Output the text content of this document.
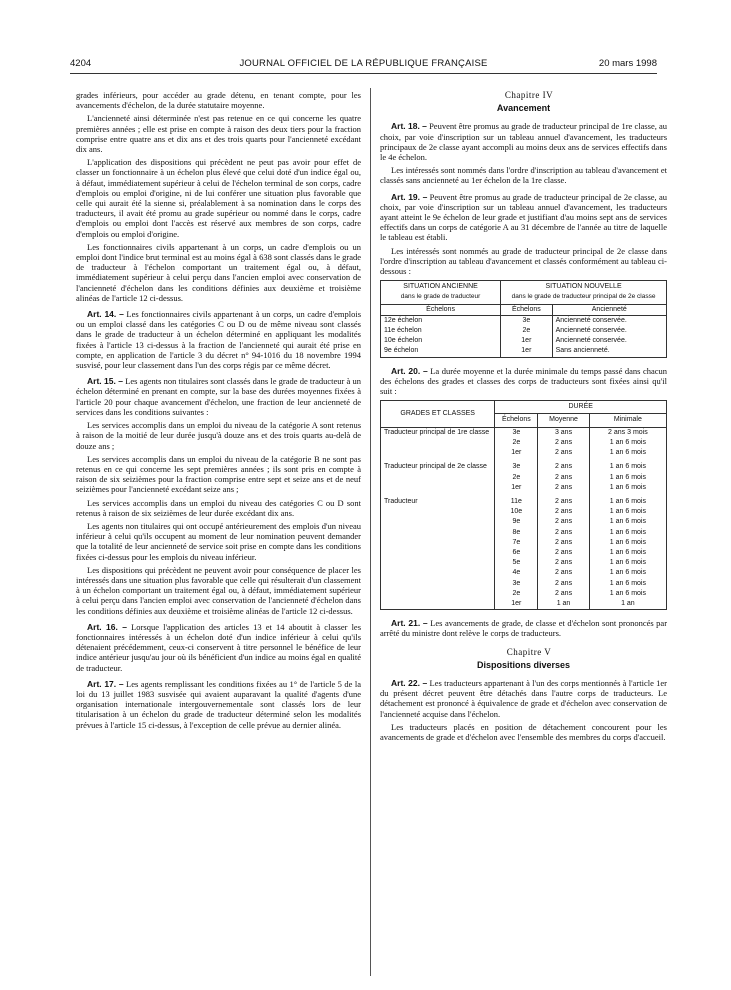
4204	JOURNAL OFFICIEL DE LA RÉPUBLIQUE FRANÇAISE	20 mars 1998

grades inférieurs, pour accéder au grade détenu, en tenant compte, pour les avancements d'échelon, de la durée statutaire moyenne.

L'ancienneté ainsi déterminée n'est pas retenue en ce qui concerne les quatre premières années ; elle est prise en compte à raison des deux tiers pour la fraction comprise entre quatre ans et dix ans et des trois quarts pour l'ancienneté excédant dix ans.

L'application des dispositions qui précèdent ne peut pas avoir pour effet de classer un fonctionnaire à un échelon plus élevé que celui doté d'un indice égal ou, à défaut, immédiatement supérieur à celui de l'échelon terminal de son corps, cadre d'emplois ou emploi d'origine, ni de lui conférer une situation plus favorable que celle qui aurait été la sienne si, préalablement à sa nomination dans le corps des traducteurs, il avait été promu au grade supérieur ou nommé dans le corps, cadre d'emplois ou emploi dont l'accès est réservé aux membres de son corps, cadre d'emplois ou emploi d'origine.

Les fonctionnaires civils appartenant à un corps, un cadre d'emplois ou un emploi dont l'indice brut terminal est au moins égal à 638 sont classés dans le grade de traducteur à l'échelon comportant un traitement égal ou, à défaut, immédiatement supérieur à celui perçu dans l'ancien emploi avec conservation de l'ancienneté d'échelon dans les conditions définies aux deuxième et troisième alinéas de l'article 12 ci-dessus.

Art. 14. – Les fonctionnaires civils appartenant à un corps, un cadre d'emplois ou un emploi classé dans les catégories C ou D ou de même niveau sont classés dans le grade de traducteur à un échelon déterminé en appliquant les modalités fixées à l'article 13 ci-dessus à la fraction de l'ancienneté qui aurait été prise en compte, en application de l'article 3 du décret n° 94-1016 du 18 novembre 1994 susvisé, pour leur classement dans l'un des corps régis par ce même décret.

Art. 15. – Les agents non titulaires sont classés dans le grade de traducteur à un échelon déterminé en prenant en compte, sur la base des durées moyennes fixées à l'article 20 pour chaque avancement d'échelon, une fraction de leur ancienneté de services dans les conditions suivantes :

Les services accomplis dans un emploi du niveau de la catégorie A sont retenus à raison de la moitié de leur durée jusqu'à douze ans et des trois quarts au-delà de douze ans ;

Les services accomplis dans un emploi du niveau de la catégorie B ne sont pas retenus en ce qui concerne les sept premières années ; ils sont pris en compte à raison de six seizièmes pour la fraction comprise entre sept et seize ans et de neuf seizièmes pour l'ancienneté excédant seize ans ;

Les services accomplis dans un emploi du niveau des catégories C ou D sont retenus à raison de six seizièmes de leur durée excédant dix ans.

Les agents non titulaires qui ont occupé antérieurement des emplois d'un niveau inférieur à celui qu'ils occupent au moment de leur nomination peuvent demander que la totalité de leur ancienneté de service soit prise en compte dans les conditions fixées ci-dessus pour les emplois du niveau inférieur.

Les dispositions qui précèdent ne peuvent avoir pour conséquence de placer les intéressés dans une situation plus favorable que celle qui résulterait d'un classement à un échelon comportant un traitement égal ou, à défaut, immédiatement supérieur à celui perçu dans l'ancien emploi avec conservation de l'ancienneté d'échelon dans les conditions définies aux deuxième et troisième alinéas de l'article 12 ci-dessus.

Art. 16. – Lorsque l'application des articles 13 et 14 aboutit à classer les fonctionnaires intéressés à un échelon doté d'un indice inférieur à celui qu'ils détenaient précédemment, ceux-ci conservent à titre personnel le bénéfice de leur indice antérieur jusqu'au jour où ils bénéficient d'un indice au moins égal en qualité de traducteur.

Art. 17. – Les agents remplissant les conditions fixées au 1° de l'article 5 de la loi du 13 juillet 1983 susvisée qui avaient auparavant la qualité d'agents d'une organisation internationale intergouvernementale sont classés lors de leur titularisation à un échelon du grade de traducteur déterminé selon les modalités prévues à l'article 15 ci-dessus, à l'exception de celle prévue au dernier alinéa.

Chapitre IV

Avancement

Art. 18. – Peuvent être promus au grade de traducteur principal de 1re classe, au choix, par voie d'inscription sur un tableau annuel d'avancement, les traducteurs principaux de 2e classe ayant accompli au moins deux ans de services effectifs dans le 4e échelon.

Les intéressés sont nommés dans l'ordre d'inscription au tableau d'avancement et classés sans ancienneté au 1er échelon de la 1re classe.

Art. 19. – Peuvent être promus au grade de traducteur principal de 2e classe, au choix, par voie d'inscription sur un tableau annuel d'avancement, les traducteurs ayant atteint le 9e échelon de leur grade et justifiant d'au moins sept ans de services effectifs dans un corps de catégorie A au 31 décembre de l'année au titre de laquelle le tableau est établi.

Les intéressés sont nommés au grade de traducteur principal de 2e classe dans l'ordre d'inscription au tableau d'avancement et classés conformément au tableau ci-dessous :

SITUATION ANCIENNE
dans le grade de traducteur	SITUATION NOUVELLE
dans le grade de traducteur principal de 2e classe	
Échelons	Échelons	Ancienneté
12e échelon	3e	Ancienneté conservée.
11e échelon	2e	Ancienneté conservée.
10e échelon	1er	Ancienneté conservée.
9e échelon	1er	Sans ancienneté.

Art. 20. – La durée moyenne et la durée minimale du temps passé dans chacun des échelons des grades et classes des corps de traducteurs sont fixées ainsi qu'il suit :

GRADES ET CLASSES	DURÉE		
	Échelons	Moyenne	Minimale
Traducteur principal de 1re classe	3e	3 ans	2 ans 3 mois
	2e	2 ans	1 an 6 mois
	1er	2 ans	1 an 6 mois
Traducteur principal de 2e classe	3e	2 ans	1 an 6 mois
	2e	2 ans	1 an 6 mois
	1er	2 ans	1 an 6 mois
Traducteur	11e	2 ans	1 an 6 mois
	10e	2 ans	1 an 6 mois
	9e	2 ans	1 an 6 mois
	8e	2 ans	1 an 6 mois
	7e	2 ans	1 an 6 mois
	6e	2 ans	1 an 6 mois
	5e	2 ans	1 an 6 mois
	4e	2 ans	1 an 6 mois
	3e	2 ans	1 an 6 mois
	2e	2 ans	1 an 6 mois
	1er	1 an	1 an

Art. 21. – Les avancements de grade, de classe et d'échelon sont prononcés par arrêté du ministre dont relève le corps de traducteurs.

Chapitre V

Dispositions diverses

Art. 22. – Les traducteurs appartenant à l'un des corps mentionnés à l'article 1er du présent décret peuvent être détachés dans l'autre corps de traducteurs. Le détachement est prononcé à équivalence de grade et d'échelon avec conservation de l'ancienneté acquise dans l'échelon.

Les traducteurs placés en position de détachement concourent pour les avancements de grade et d'échelon avec l'ensemble des membres du corps d'accueil.
